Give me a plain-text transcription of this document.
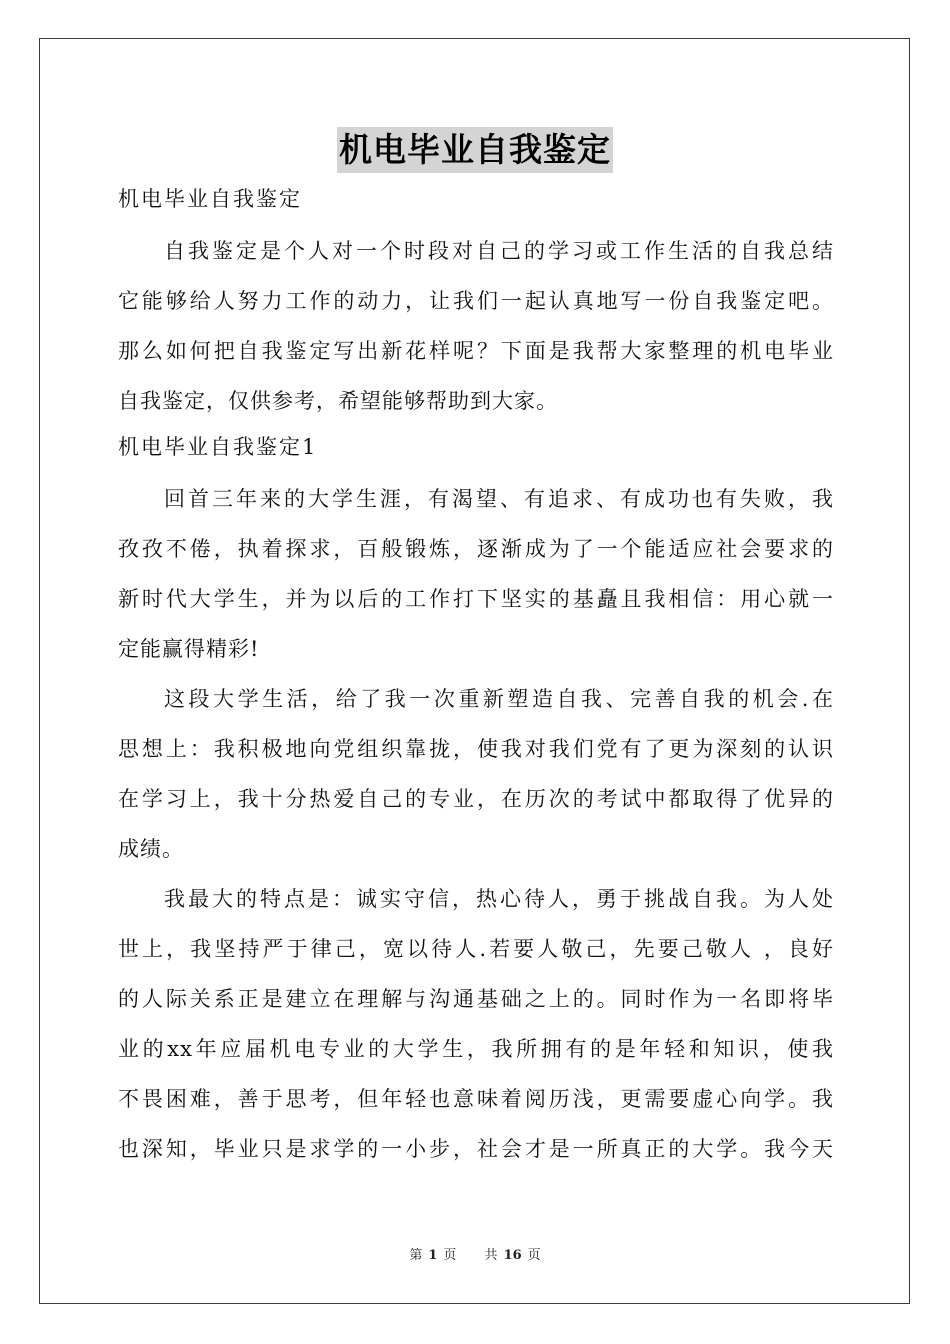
机电毕业自我鉴定
机电毕业自我鉴定
自我鉴定是个人对一个时段对自己的学习或工作生活的自我总结
它能够给人努力工作的动力，让我们一起认真地写一份自我鉴定吧。
那么如何把自我鉴定写出新花样呢？下面是我帮大家整理的机电毕业
自我鉴定，仅供参考，希望能够帮助到大家。
机电毕业自我鉴定1
回首三年来的大学生涯，有渴望、有追求、有成功也有失败，我
孜孜不倦，执着探求，百般锻炼，逐渐成为了一个能适应社会要求的
新时代大学生，并为以后的工作打下坚实的基矗且我相信：用心就一
定能赢得精彩!
这段大学生活，给了我一次重新塑造自我、完善自我的机会.在
思想上：我积极地向党组织靠拢，使我对我们党有了更为深刻的认识
在学习上，我十分热爱自己的专业，在历次的考试中都取得了优异的
成绩。
我最大的特点是：诚实守信，热心待人，勇于挑战自我。为人处
世上，我坚持严于律己，宽以待人.若要人敬己，先要己敬人 ，良好
的人际关系正是建立在理解与沟通基础之上的。同时作为一名即将毕
业的xx年应届机电专业的大学生，我所拥有的是年轻和知识，使我
不畏困难，善于思考，但年轻也意味着阅历浅，更需要虚心向学。我
也深知，毕业只是求学的一小步，社会才是一所真正的大学。我今天
第 1 页 共 16 页
